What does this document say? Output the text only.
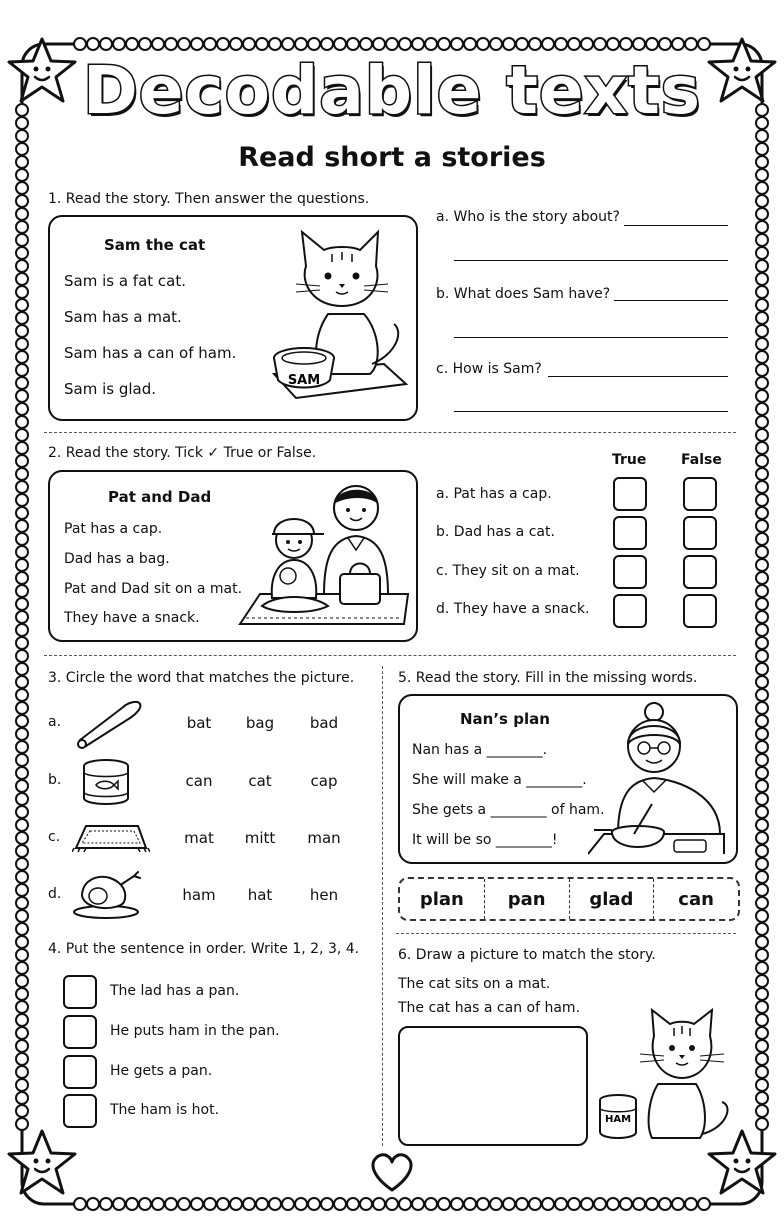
Decodable texts
Read short a stories
1. Read the story. Then answer the questions.
Sam the cat
Sam is a fat cat.
Sam has a mat.
Sam has a can of ham.
Sam is glad.	SAM
a. Who is the story about?
b. What does Sam have?
c. How is Sam?
2. Read the story. Tick ✓ True or False.
Pat and Dad
Pat has a cap.
Dad has a bag.
Pat and Dad sit on a mat.
They have a snack.
True False
a. Pat has a cap.
b. Dad has a cat.
c. They sit on a mat.
d. They have a snack.
3. Circle the word that matches the picture.
a.	bat	bag	bad
b.	can	cat	cap
c.	mat	mitt	man
d.	ham	hat	hen
4. Put the sentence in order. Write 1, 2, 3, 4.
The lad has a pan.
He puts ham in the pan.
He gets a pan.
The ham is hot.
5. Read the story. Fill in the missing words.
Nan’s plan
Nan has a ________.
She will make a ________.
She gets a ________ of ham.
It will be so ________!
plan	pan	glad	can
6. Draw a picture to match the story.
The cat sits on a mat.
The cat has a can of ham.
HAM
